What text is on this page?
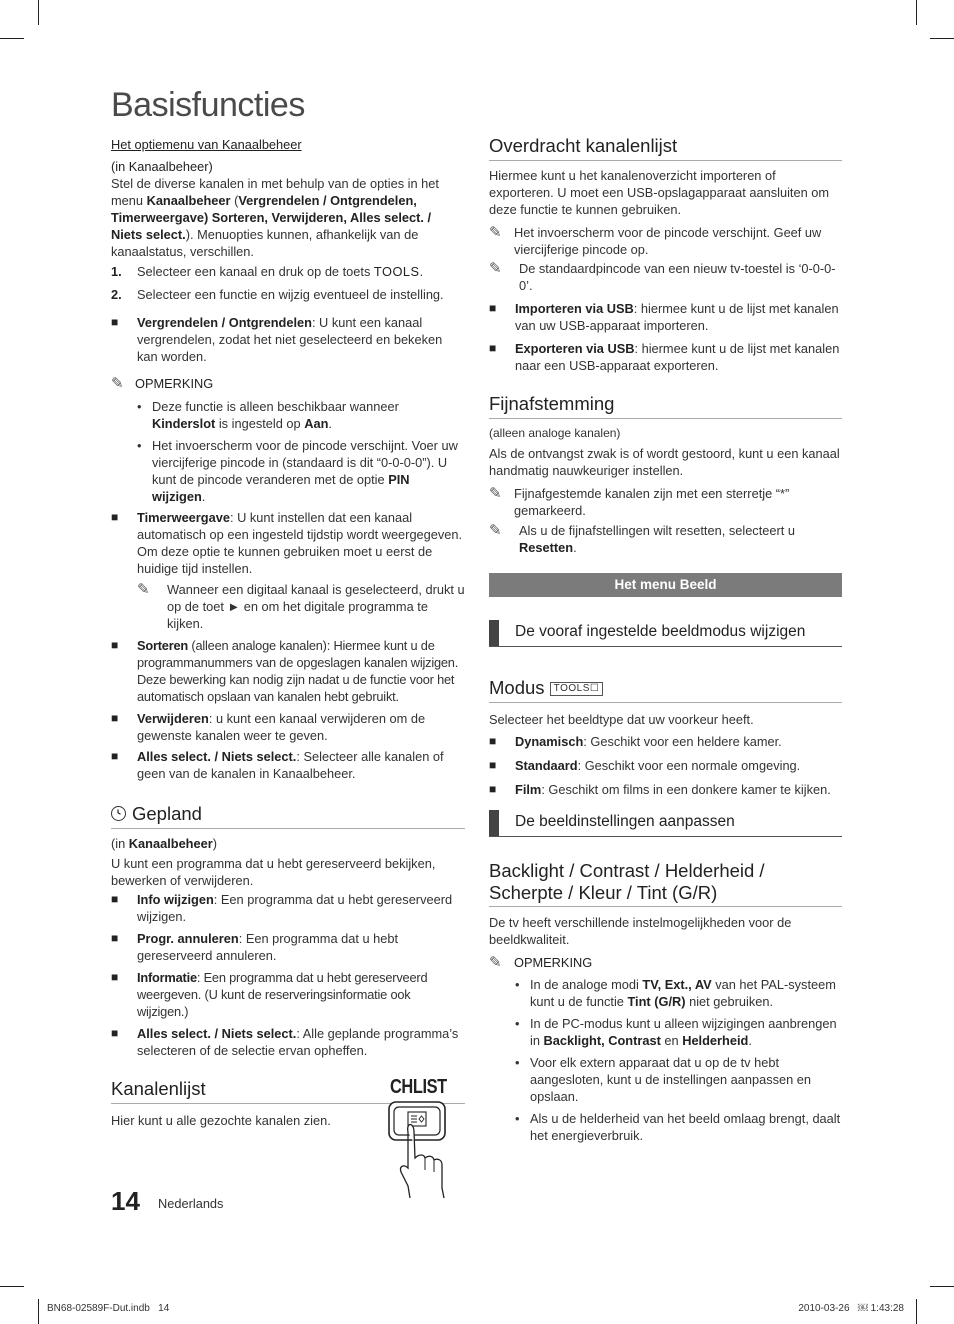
Basisfuncties

Het optiemenu van Kanaalbeheer

(in Kanaalbeheer)

Stel de diverse kanalen in met behulp van de opties in het menu Kanaalbeheer (Vergrendelen / Ontgrendelen, Timerweergave) Sorteren, Verwijderen, Alles select. / Niets select.). Menuopties kunnen, afhankelijk van de kanaalstatus, verschillen.

1.	Selecteer een kanaal en druk op de toets TOOLS.
2.	Selecteer een functie en wijzig eventueel de instelling.
■	Vergrendelen / Ontgrendelen: U kunt een kanaal vergrendelen, zodat het niet geselecteerd en bekeken kan worden.
✎ OPMERKING
• Deze functie is alleen beschikbaar wanneer Kinderslot is ingesteld op Aan.
• Het invoerscherm voor de pincode verschijnt. Voer uw viercijferige pincode in (standaard is dit “0-0-0-0”). U kunt de pincode veranderen met de optie PIN wijzigen.
■	Timerweergave: U kunt instellen dat een kanaal automatisch op een ingesteld tijdstip wordt weergegeven. Om deze optie te kunnen gebruiken moet u eerst de huidige tijd instellen.
✎	Wanneer een digitaal kanaal is geselecteerd, drukt u op de toet ► en om het digitale programma te kijken.
■	Sorteren (alleen analoge kanalen): Hiermee kunt u de programmanummers van de opgeslagen kanalen wijzigen. Deze bewerking kan nodig zijn nadat u de functie voor het automatisch opslaan van kanalen hebt gebruikt.
■	Verwijderen: u kunt een kanaal verwijderen om de gewenste kanalen weer te geven.
■	Alles select. / Niets select.: Selecteer alle kanalen of geen van de kanalen in Kanaalbeheer.
Gepland

(in Kanaalbeheer)

U kunt een programma dat u hebt gereserveerd bekijken, bewerken of verwijderen.

■	Info wijzigen: Een programma dat u hebt gereserveerd wijzigen.
■	Progr. annuleren: Een programma dat u hebt gereserveerd annuleren.
■	Informatie: Een programma dat u hebt gereserveerd weergeven. (U kunt de reserveringsinformatie ook wijzigen.)
■	Alles select. / Niets select.: Alle geplande programma’s selecteren of de selectie ervan opheffen.
Kanalenlijst

Hier kunt u alle gezochte kanalen zien.

CHLIST
Overdracht kanalenlijst

Hiermee kunt u het kanalenoverzicht importeren of exporteren. U moet een USB-opslagapparaat aansluiten om deze functie te kunnen gebruiken.

✎ Het invoerscherm voor de pincode verschijnt. Geef uw viercijferige pincode op.
✎	De standaardpincode van een nieuw tv-toestel is ‘0-0-0-0’.
■	Importeren via USB: hiermee kunt u de lijst met kanalen van uw USB-apparaat importeren.
■	Exporteren via USB: hiermee kunt u de lijst met kanalen naar een USB-apparaat exporteren.
Fijnafstemming

(alleen analoge kanalen)

Als de ontvangst zwak is of wordt gestoord, kunt u een kanaal handmatig nauwkeuriger instellen.

✎ Fijnafgestemde kanalen zijn met een sterretje “*” gemarkeerd.
✎	Als u de fijnafstellingen wilt resetten, selecteert u Resetten.
Het menu Beeld
De vooraf ingestelde beeldmodus wijzigen
Modus TOOLS☐

Selecteer het beeldtype dat uw voorkeur heeft.

■	Dynamisch: Geschikt voor een heldere kamer.
■	Standaard: Geschikt voor een normale omgeving.
■	Film: Geschikt om films in een donkere kamer te kijken.
De beeldinstellingen aanpassen
Backlight / Contrast / Helderheid / Scherpte / Kleur / Tint (G/R)

De tv heeft verschillende instelmogelijkheden voor de beeldkwaliteit.

✎ OPMERKING
• In de analoge modi TV, Ext., AV van het PAL-systeem kunt u de functie Tint (G/R) niet gebruiken.
• In de PC-modus kunt u alleen wijzigingen aanbrengen in Backlight, Contrast en Helderheid.
• Voor elk extern apparaat dat u op de tv hebt aangesloten, kunt u de instellingen aanpassen en opslaan.
• Als u de helderheid van het beeld omlaag brengt, daalt het energieverbruik.
14 Nederlands
BN68-02589F-Dut.indb   14	2010-03-26   ￼ 1:43:28
